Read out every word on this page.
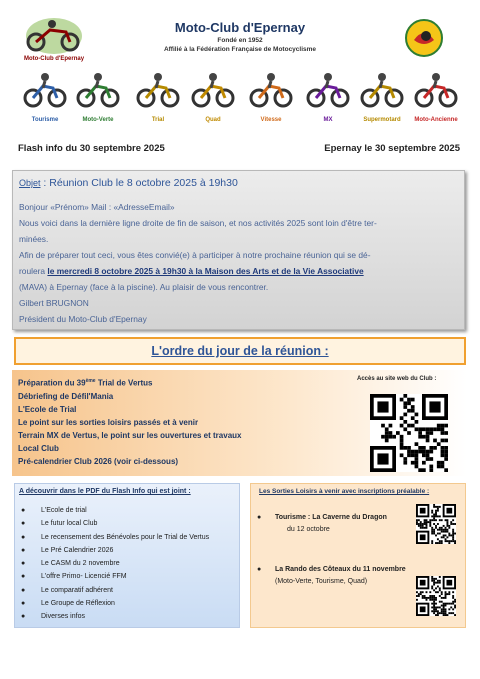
Moto-Club d'Epernay
Moto-Club d'Epernay
Fondé en 1952
Affilié à la Fédération Française de Motocyclisme
Tourisme	Moto-Verte	Trial	Quad	Vitesse	MX	Supermotard	Moto-Ancienne
Flash info du 30 septembre 2025	Epernay le 30 septembre 2025
Objet : Réunion Club le 8 octobre 2025 à 19h30
Bonjour «Prénom» Mail : «AdresseEmail»
Nous voici dans la dernière ligne droite de fin de saison, et nos activités 2025 sont loin d'être ter-
minées.
Afin de préparer tout ceci, vous êtes convié(e) à participer à notre prochaine réunion qui se dé-
roulera le mercredi 8 octobre 2025 à 19h30 à la Maison des Arts et de la Vie Associative
(MAVA) à Epernay (face à la piscine). Au plaisir de vous rencontrer.
Gilbert BRUGNON
Président du Moto-Club d'Epernay
L'ordre du jour de la réunion :
Préparation du 39ème Trial de Vertus
Débriefing de Défil'Mania
L'Ecole de Trial
Le point sur les sorties loisirs passés et à venir
Terrain MX de Vertus, le point sur les ouvertures et travaux
Local Club
Pré-calendrier Club 2026 (voir ci-dessous)
Accès au site web du Club :
A découvrir dans le PDF du Flash Info qui est joint :
●	L'Ecole de trial
●	Le futur local Club
●	Le recensement des Bénévoles pour le Trial de Vertus
●	Le Pré Calendrier 2026
●	Le CASM du 2 novembre
●	L'offre Primo- Licencié FFM
●	Le comparatif adhérent
●	Le Groupe de Réflexion
●	Diverses infos
Les Sorties Loisirs à venir avec inscriptions préalable :
● Tourisme : La Caverne du Dragon
du 12 octobre
● La Rando des Côteaux du 11 novembre
(Moto-Verte, Tourisme, Quad)
